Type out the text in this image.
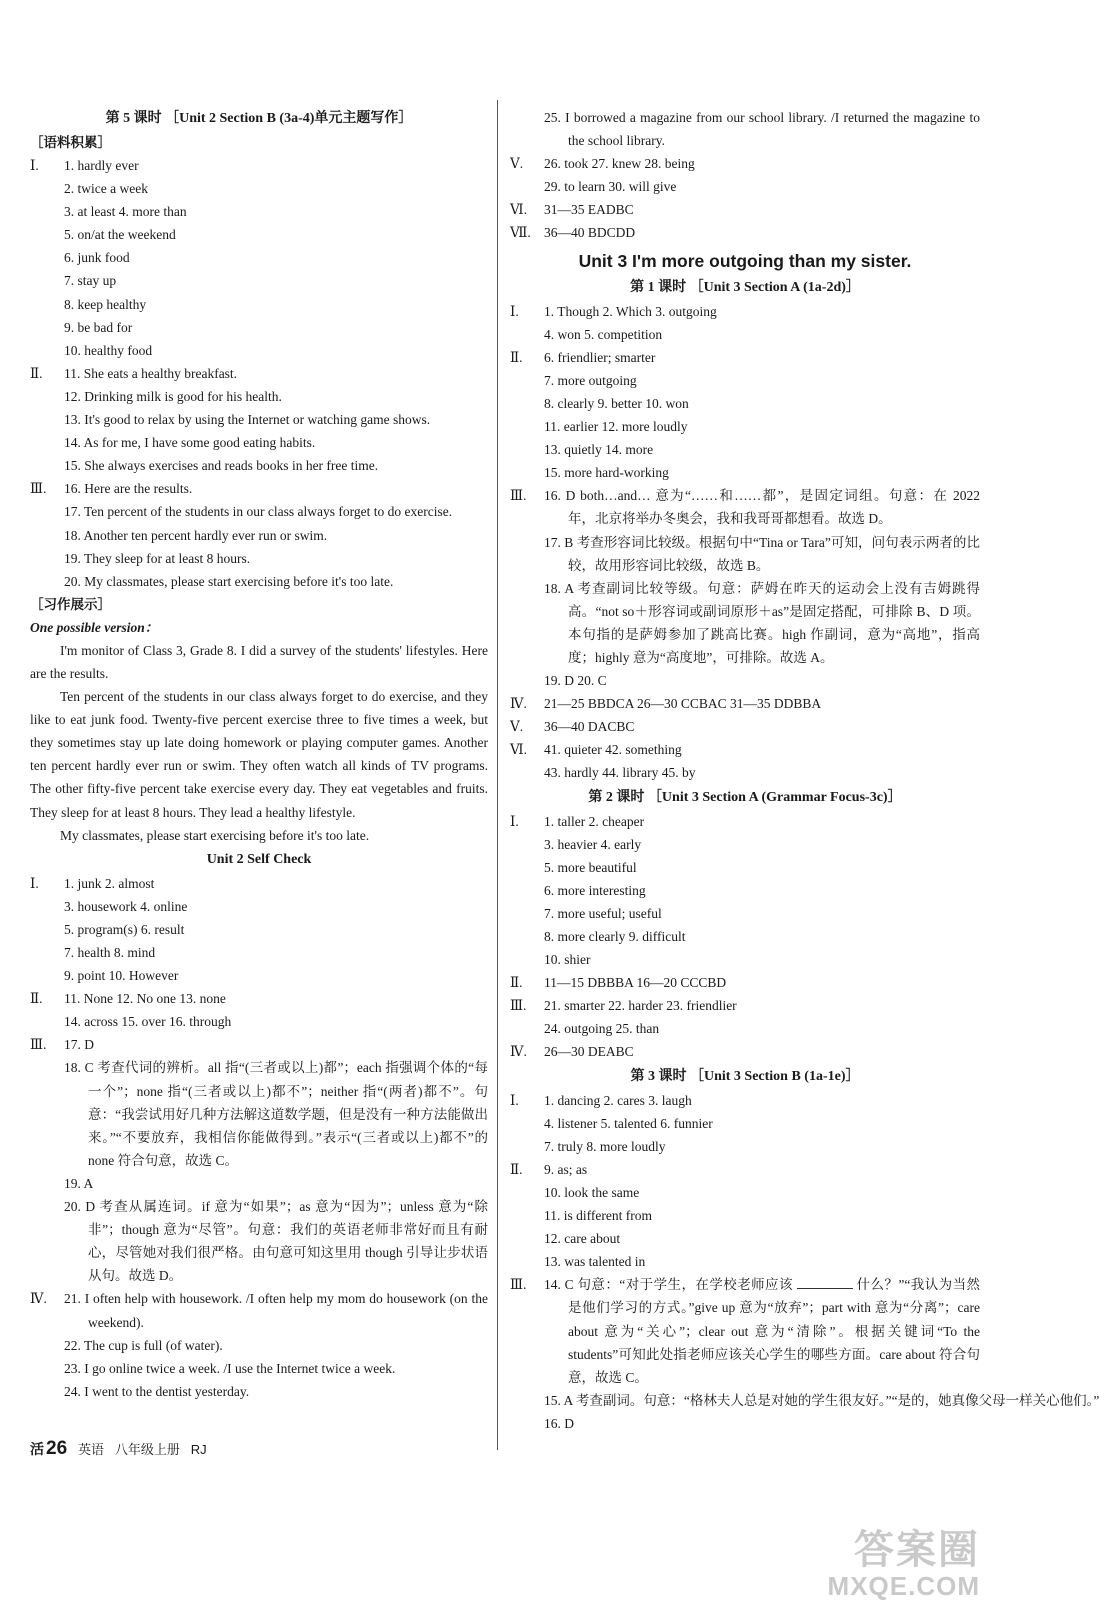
第 5 课时 ［Unit 2 Section B (3a-4)单元主题写作］
［语料积累］
Ⅰ.	1. hardly ever
2. twice a week
3. at least 4. more than
5. on/at the weekend
6. junk food
7. stay up
8. keep healthy
9. be bad for
10. healthy food
Ⅱ.	11. She eats a healthy breakfast.
12. Drinking milk is good for his health.
13. It's good to relax by using the Internet or watching game shows.
14. As for me, I have some good eating habits.
15. She always exercises and reads books in her free time.
Ⅲ.	16. Here are the results.
17. Ten percent of the students in our class always forget to do exercise.
18. Another ten percent hardly ever run or swim.
19. They sleep for at least 8 hours.
20. My classmates, please start exercising before it's too late.
［习作展示］
One possible version：
I'm monitor of Class 3, Grade 8. I did a survey of the students' lifestyles. Here are the results.
Ten percent of the students in our class always forget to do exercise, and they like to eat junk food. Twenty-five percent exercise three to five times a week, but they sometimes stay up late doing homework or playing computer games. Another ten percent hardly ever run or swim. They often watch all kinds of TV programs. The other fifty-five percent take exercise every day. They eat vegetables and fruits. They sleep for at least 8 hours. They lead a healthy lifestyle.
My classmates, please start exercising before it's too late.
Unit 2 Self Check
Ⅰ.	1. junk 2. almost
3. housework 4. online
5. program(s) 6. result
7. health 8. mind
9. point 10. However
Ⅱ.	11. None 12. No one 13. none
14. across 15. over 16. through
Ⅲ.	17. D
18. C 考查代词的辨析。all 指“(三者或以上)都”；each 指强调个体的“每一个”；none 指“(三者或以上)都不”；neither 指“(两者)都不”。句意：“我尝试用好几种方法解这道数学题，但是没有一种方法能做出来。”“不要放弃，我相信你能做得到。”表示“(三者或以上)都不”的 none 符合句意，故选 C。
19. A
20. D 考查从属连词。if 意为“如果”；as 意为“因为”；unless 意为“除非”；though 意为“尽管”。句意：我们的英语老师非常好而且有耐心，尽管她对我们很严格。由句意可知这里用 though 引导让步状语从句。故选 D。
Ⅳ.	21. I often help with housework. /I often help my mom do housework (on the weekend).
22. The cup is full (of water).
23. I go online twice a week. /I use the Internet twice a week.
24. I went to the dentist yesterday.
25. I borrowed a magazine from our school library. /I returned the magazine to the school library.
Ⅴ.	26. took 27. knew 28. being
29. to learn 30. will give
Ⅵ.	31—35 EADBC
Ⅶ. 36—40 BDCDD
Unit 3 I'm more outgoing than my sister.
第 1 课时 ［Unit 3 Section A (1a-2d)］
Ⅰ.	1. Though 2. Which 3. outgoing
4. won 5. competition
Ⅱ.	6. friendlier; smarter
7. more outgoing
8. clearly 9. better 10. won
11. earlier 12. more loudly
13. quietly 14. more
15. more hard-working
Ⅲ.	16. D both…and… 意为“……和……都”，是固定词组。句意：在 2022 年，北京将举办冬奥会，我和我哥哥都想看。故选 D。
17. B 考查形容词比较级。根据句中“Tina or Tara”可知，问句表示两者的比较，故用形容词比较级，故选 B。
18. A 考查副词比较等级。句意：萨姆在昨天的运动会上没有吉姆跳得高。“not so＋形容词或副词原形＋as”是固定搭配，可排除 B、D 项。本句指的是萨姆参加了跳高比赛。high 作副词，意为“高地”，指高度；highly 意为“高度地”，可排除。故选 A。
19. D 20. C
Ⅳ.	21—25 BBDCA 26—30 CCBAC 31—35 DDBBA
Ⅴ.	36—40 DACBC
Ⅵ.	41. quieter 42. something
43. hardly 44. library 45. by
第 2 课时 ［Unit 3 Section A (Grammar Focus-3c)］
Ⅰ.	1. taller 2. cheaper
3. heavier 4. early
5. more beautiful
6. more interesting
7. more useful; useful
8. more clearly 9. difficult
10. shier
Ⅱ.	11—15 DBBBA 16—20 CCCBD
Ⅲ.	21. smarter 22. harder 23. friendlier
24. outgoing 25. than
Ⅳ.	26—30 DEABC
第 3 课时 ［Unit 3 Section B (1a-1e)］
Ⅰ.	1. dancing 2. cares 3. laugh
4. listener 5. talented 6. funnier
7. truly 8. more loudly
Ⅱ.	9. as; as
10. look the same
11. is different from
12. care about
13. was talented in
Ⅲ.	14. C 句意：“对于学生，在学校老师应该	什么？”“我认为当然是他们学习的方式。”give up 意为“放弃”；part with 意为“分离”；care about 意为“关心”；clear out 意为“清除”。根据关键词“To the students”可知此处指老师应该关心学生的哪些方面。care about 符合句意，故选 C。
15. A 考查副词。句意：“格林夫人总是对她的学生很友好。”“是的，她真像父母一样关心他们。”
16. D
活 26 英语 八年级上册 RJ
答案圈
MXQE.COM
